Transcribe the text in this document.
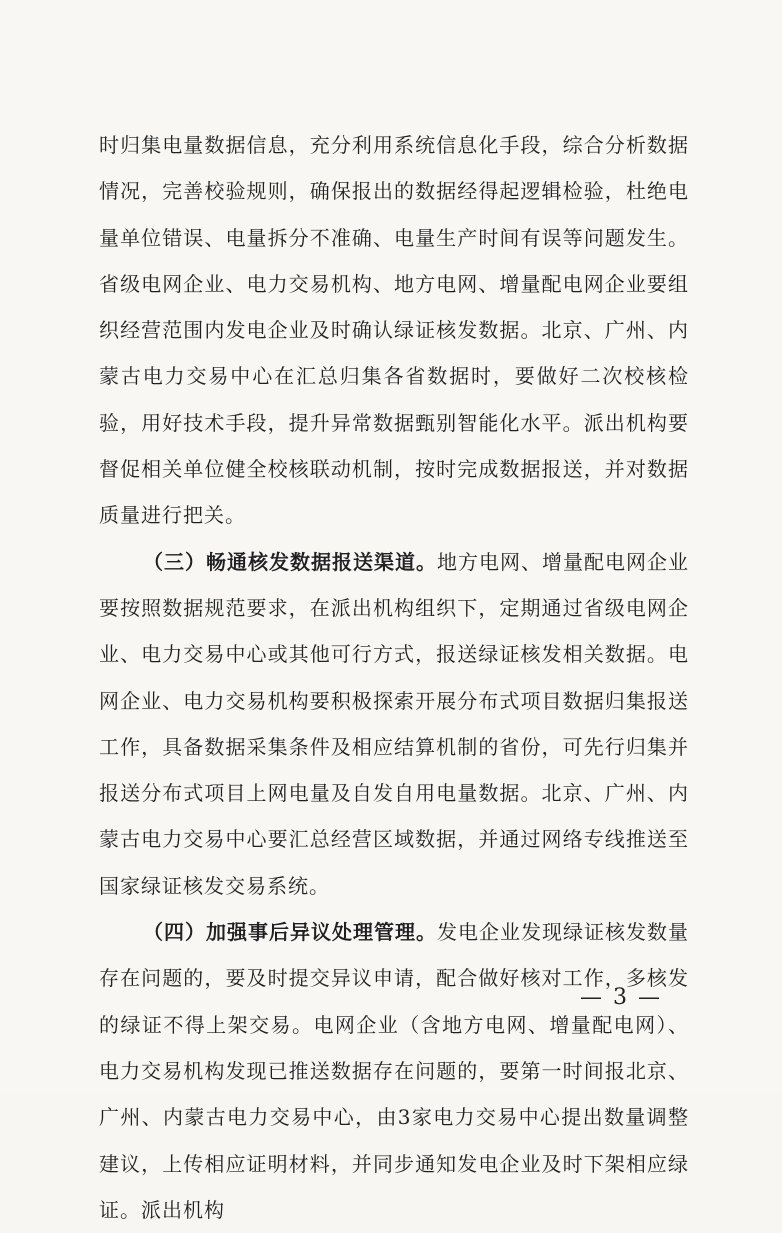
时归集电量数据信息，充分利用系统信息化手段，综合分析数据情况，完善校验规则，确保报出的数据经得起逻辑检验，杜绝电量单位错误、电量拆分不准确、电量生产时间有误等问题发生。省级电网企业、电力交易机构、地方电网、增量配电网企业要组织经营范围内发电企业及时确认绿证核发数据。北京、广州、内蒙古电力交易中心在汇总归集各省数据时，要做好二次校核检验，用好技术手段，提升异常数据甄别智能化水平。派出机构要督促相关单位健全校核联动机制，按时完成数据报送，并对数据质量进行把关。

（三）畅通核发数据报送渠道。地方电网、增量配电网企业要按照数据规范要求，在派出机构组织下，定期通过省级电网企业、电力交易中心或其他可行方式，报送绿证核发相关数据。电网企业、电力交易机构要积极探索开展分布式项目数据归集报送工作，具备数据采集条件及相应结算机制的省份，可先行归集并报送分布式项目上网电量及自发自用电量数据。北京、广州、内蒙古电力交易中心要汇总经营区域数据，并通过网络专线推送至国家绿证核发交易系统。

（四）加强事后异议处理管理。发电企业发现绿证核发数量存在问题的，要及时提交异议申请，配合做好核对工作，多核发的绿证不得上架交易。电网企业（含地方电网、增量配电网）、电力交易机构发现已推送数据存在问题的，要第一时间报北京、广州、内蒙古电力交易中心，由3家电力交易中心提出数量调整建议，上传相应证明材料，并同步通知发电企业及时下架相应绿证。派出机构

— 3 —
